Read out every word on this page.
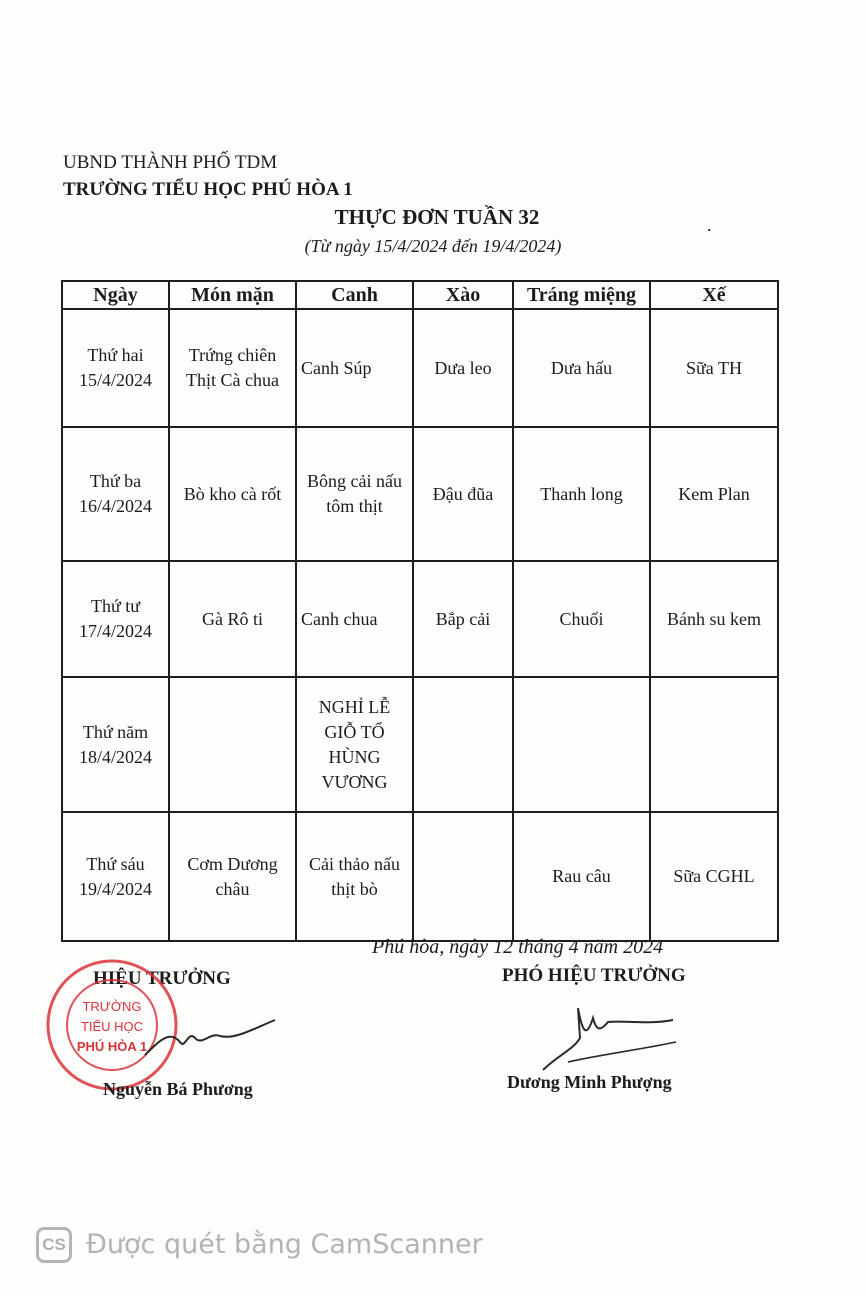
UBND THÀNH PHỐ TDM
TRƯỜNG TIỂU HỌC PHÚ HÒA 1
THỰC ĐƠN TUẦN 32
(Từ ngày 15/4/2024 đến 19/4/2024)
.
Ngày	Món mặn	Canh	Xào	Tráng miệng	Xế

Thứ hai
15/4/2024	Trứng chiên Thịt Cà chua	Canh Súp	Dưa leo	Dưa hấu	Sữa TH

Thứ ba
16/4/2024	Bò kho cà rốt	Bông cải nấu tôm thịt	Đậu đũa	Thanh long	Kem Plan

Thứ tư
17/4/2024	Gà Rô ti	Canh chua	Bắp cải	Chuối	Bánh su kem

Thứ năm
18/4/2024		NGHỈ LỄ GIỖ TỔ HÙNG VƯƠNG			

Thứ sáu
19/4/2024	Cơm Dương châu	Cải thảo nấu thịt bò		Rau câu	Sữa CGHL
Phú hòa, ngày 12 tháng 4 năm 2024
HIỆU TRƯỞNG	PHÓ HIỆU TRƯỞNG
TRƯỜNG
TIỂU HỌC
PHÚ HÒA 1
Nguyễn Bá Phương	Dương Minh Phượng
CS Được quét bằng CamScanner
